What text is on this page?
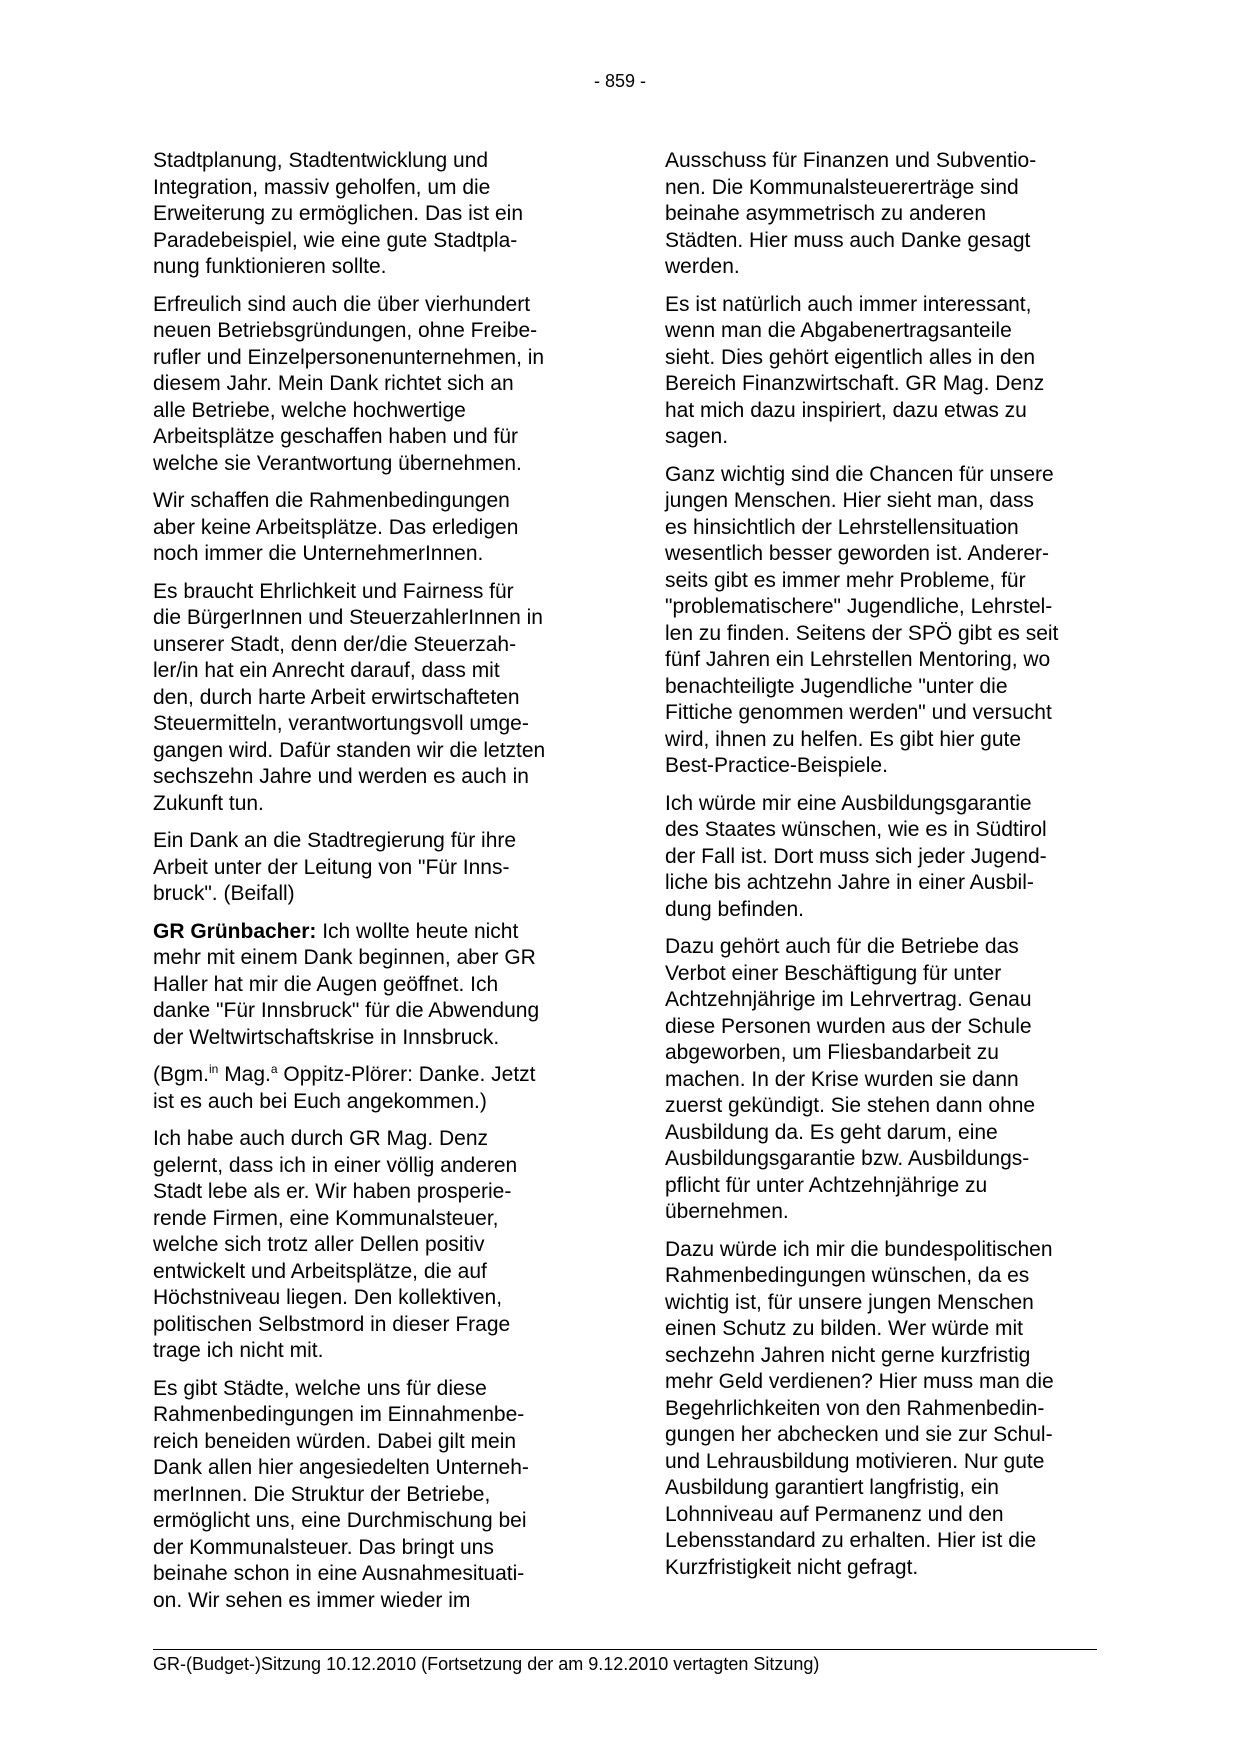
- 859 -
Stadtplanung, Stadtentwicklung und
Integration, massiv geholfen, um die
Erweiterung zu ermöglichen. Das ist ein
Paradebeispiel, wie eine gute Stadtpla-
nung funktionieren sollte.
Erfreulich sind auch die über vierhundert
neuen Betriebsgründungen, ohne Freibe-
rufler und Einzelpersonenunternehmen, in
diesem Jahr. Mein Dank richtet sich an
alle Betriebe, welche hochwertige
Arbeitsplätze geschaffen haben und für
welche sie Verantwortung übernehmen.
Wir schaffen die Rahmenbedingungen
aber keine Arbeitsplätze. Das erledigen
noch immer die UnternehmerInnen.
Es braucht Ehrlichkeit und Fairness für
die BürgerInnen und SteuerzahlerInnen in
unserer Stadt, denn der/die Steuerzah-
ler/in hat ein Anrecht darauf, dass mit
den, durch harte Arbeit erwirtschafteten
Steuermitteln, verantwortungsvoll umge-
gangen wird. Dafür standen wir die letzten
sechszehn Jahre und werden es auch in
Zukunft tun.
Ein Dank an die Stadtregierung für ihre
Arbeit unter der Leitung von "Für Inns-
bruck". (Beifall)
GR Grünbacher: Ich wollte heute nicht
mehr mit einem Dank beginnen, aber GR
Haller hat mir die Augen geöffnet. Ich
danke "Für Innsbruck" für die Abwendung
der Weltwirtschaftskrise in Innsbruck.
(Bgm.$^{in}$ Mag.$^a$ Oppitz-Plörer: Danke. Jetzt
ist es auch bei Euch angekommen.)
Ich habe auch durch GR Mag. Denz
gelernt, dass ich in einer völlig anderen
Stadt lebe als er. Wir haben prosperie-
rende Firmen, eine Kommunalsteuer,
welche sich trotz aller Dellen positiv
entwickelt und Arbeitsplätze, die auf
Höchstniveau liegen. Den kollektiven,
politischen Selbstmord in dieser Frage
trage ich nicht mit.
Es gibt Städte, welche uns für diese
Rahmenbedingungen im Einnahmenbe-
reich beneiden würden. Dabei gilt mein
Dank allen hier angesiedelten Unterneh-
merInnen. Die Struktur der Betriebe,
ermöglicht uns, eine Durchmischung bei
der Kommunalsteuer. Das bringt uns
beinahe schon in eine Ausnahmesituati-
on. Wir sehen es immer wieder im
Ausschuss für Finanzen und Subventio-
nen. Die Kommunalsteuererträge sind
beinahe asymmetrisch zu anderen
Städten. Hier muss auch Danke gesagt
werden.
Es ist natürlich auch immer interessant,
wenn man die Abgabenertragsanteile
sieht. Dies gehört eigentlich alles in den
Bereich Finanzwirtschaft. GR Mag. Denz
hat mich dazu inspiriert, dazu etwas zu
sagen.
Ganz wichtig sind die Chancen für unsere
jungen Menschen. Hier sieht man, dass
es hinsichtlich der Lehrstellensituation
wesentlich besser geworden ist. Anderer-
seits gibt es immer mehr Probleme, für
"problematischere" Jugendliche, Lehrstel-
len zu finden. Seitens der SPÖ gibt es seit
fünf Jahren ein Lehrstellen Mentoring, wo
benachteiligte Jugendliche "unter die
Fittiche genommen werden" und versucht
wird, ihnen zu helfen. Es gibt hier gute
Best-Practice-Beispiele.
Ich würde mir eine Ausbildungsgarantie
des Staates wünschen, wie es in Südtirol
der Fall ist. Dort muss sich jeder Jugend-
liche bis achtzehn Jahre in einer Ausbil-
dung befinden.
Dazu gehört auch für die Betriebe das
Verbot einer Beschäftigung für unter
Achtzehnjährige im Lehrvertrag. Genau
diese Personen wurden aus der Schule
abgeworben, um Fliesbandarbeit zu
machen. In der Krise wurden sie dann
zuerst gekündigt. Sie stehen dann ohne
Ausbildung da. Es geht darum, eine
Ausbildungsgarantie bzw. Ausbildungs-
pflicht für unter Achtzehnjährige zu
übernehmen.
Dazu würde ich mir die bundespolitischen
Rahmenbedingungen wünschen, da es
wichtig ist, für unsere jungen Menschen
einen Schutz zu bilden. Wer würde mit
sechzehn Jahren nicht gerne kurzfristig
mehr Geld verdienen? Hier muss man die
Begehrlichkeiten von den Rahmenbedin-
gungen her abchecken und sie zur Schul-
und Lehrausbildung motivieren. Nur gute
Ausbildung garantiert langfristig, ein
Lohnniveau auf Permanenz und den
Lebensstandard zu erhalten. Hier ist die
Kurzfristigkeit nicht gefragt.
GR-(Budget-)Sitzung 10.12.2010 (Fortsetzung der am 9.12.2010 vertagten Sitzung)
